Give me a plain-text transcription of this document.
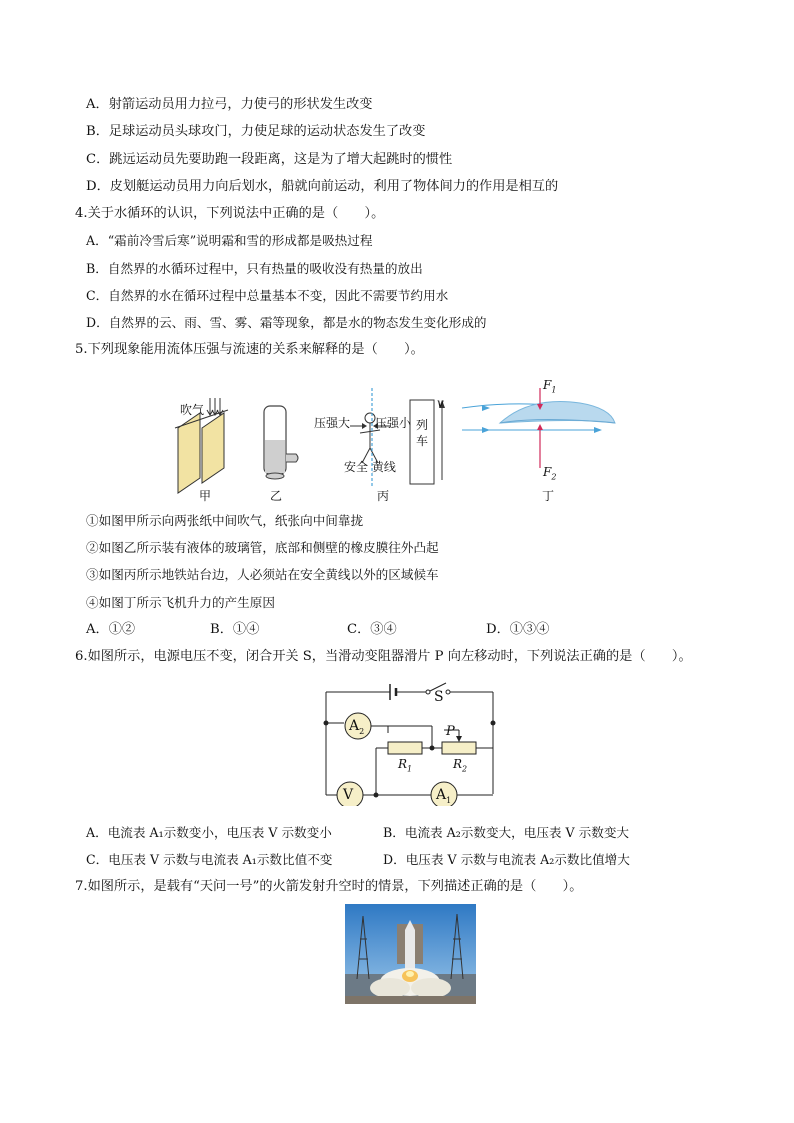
A．射箭运动员用力拉弓，力使弓的形状发生改变
B．足球运动员头球攻门，力使足球的运动状态发生了改变
C．跳远运动员先要助跑一段距离，这是为了增大起跳时的惯性
D．皮划艇运动员用力向后划水，船就向前运动，利用了物体间力的作用是相互的
4.关于水循环的认识，下列说法中正确的是（　　）。
A．“霜前冷雪后寒”说明霜和雪的形成都是吸热过程
B．自然界的水循环过程中，只有热量的吸收没有热量的放出
C．自然界的水在循环过程中总量基本不变，因此不需要节约用水
D．自然界的云、雨、雪、雾、霜等现象，都是水的物态发生变化形成的
5.下列现象能用流体压强与流速的关系来解释的是（　　）。
吹气
甲	乙
压强大 压强小
安全 黄线
丙
列
车
v
$F_1$
$F_2$
丁
①如图甲所示向两张纸中间吹气，纸张向中间靠拢
②如图乙所示装有液体的玻璃管，底部和侧壁的橡皮膜往外凸起
③如图丙所示地铁站台边，人必须站在安全黄线以外的区域候车
④如图丁所示飞机升力的产生原因
A．①②	B．①④	C．③④	D．①③④
6.如图所示，电源电压不变，闭合开关 S，当滑动变阻器滑片 P 向左移动时，下列说法正确的是（　　）。
S
P
$A_2$
V	$A_1$
$R_1$	$R_2$
A．电流表 A₁示数变小，电压表 V 示数变小	B．电流表 A₂示数变大，电压表 V 示数变大
C．电压表 V 示数与电流表 A₁示数比值不变	D．电压表 V 示数与电流表 A₂示数比值增大
7.如图所示，是载有“天问一号”的火箭发射升空时的情景，下列描述正确的是（　　）。
